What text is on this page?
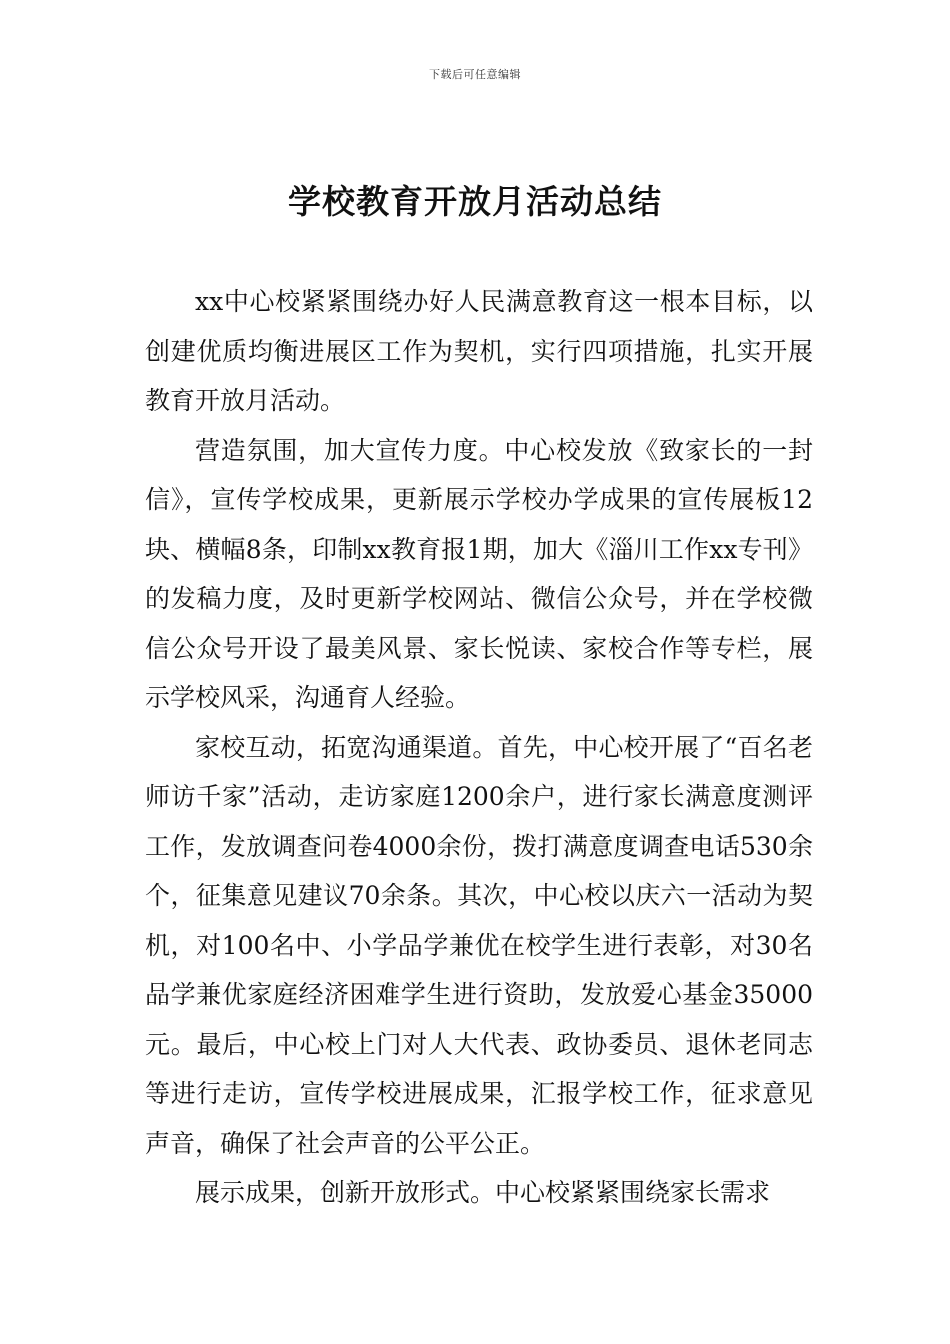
下载后可任意编辑
学校教育开放月活动总结

xx中心校紧紧围绕办好人民满意教育这一根本目标，以创建优质均衡进展区工作为契机，实行四项措施，扎实开展教育开放月活动。

营造氛围，加大宣传力度。中心校发放《致家长的一封信》，宣传学校成果，更新展示学校办学成果的宣传展板12块、横幅8条，印制xx教育报1期，加大《淄川工作xx专刊》的发稿力度，及时更新学校网站、微信公众号，并在学校微信公众号开设了最美风景、家长悦读、家校合作等专栏，展示学校风采，沟通育人经验。

家校互动，拓宽沟通渠道。首先，中心校开展了“百名老师访千家”活动，走访家庭1200余户，进行家长满意度测评工作，发放调查问卷4000余份，拨打满意度调查电话530余个，征集意见建议70余条。其次，中心校以庆六一活动为契机，对100名中、小学品学兼优在校学生进行表彰，对30名品学兼优家庭经济困难学生进行资助，发放爱心基金35000元。最后，中心校上门对人大代表、政协委员、退休老同志等进行走访，宣传学校进展成果，汇报学校工作，征求意见声音，确保了社会声音的公平公正。

展示成果，创新开放形式。中心校紧紧围绕家长需求
